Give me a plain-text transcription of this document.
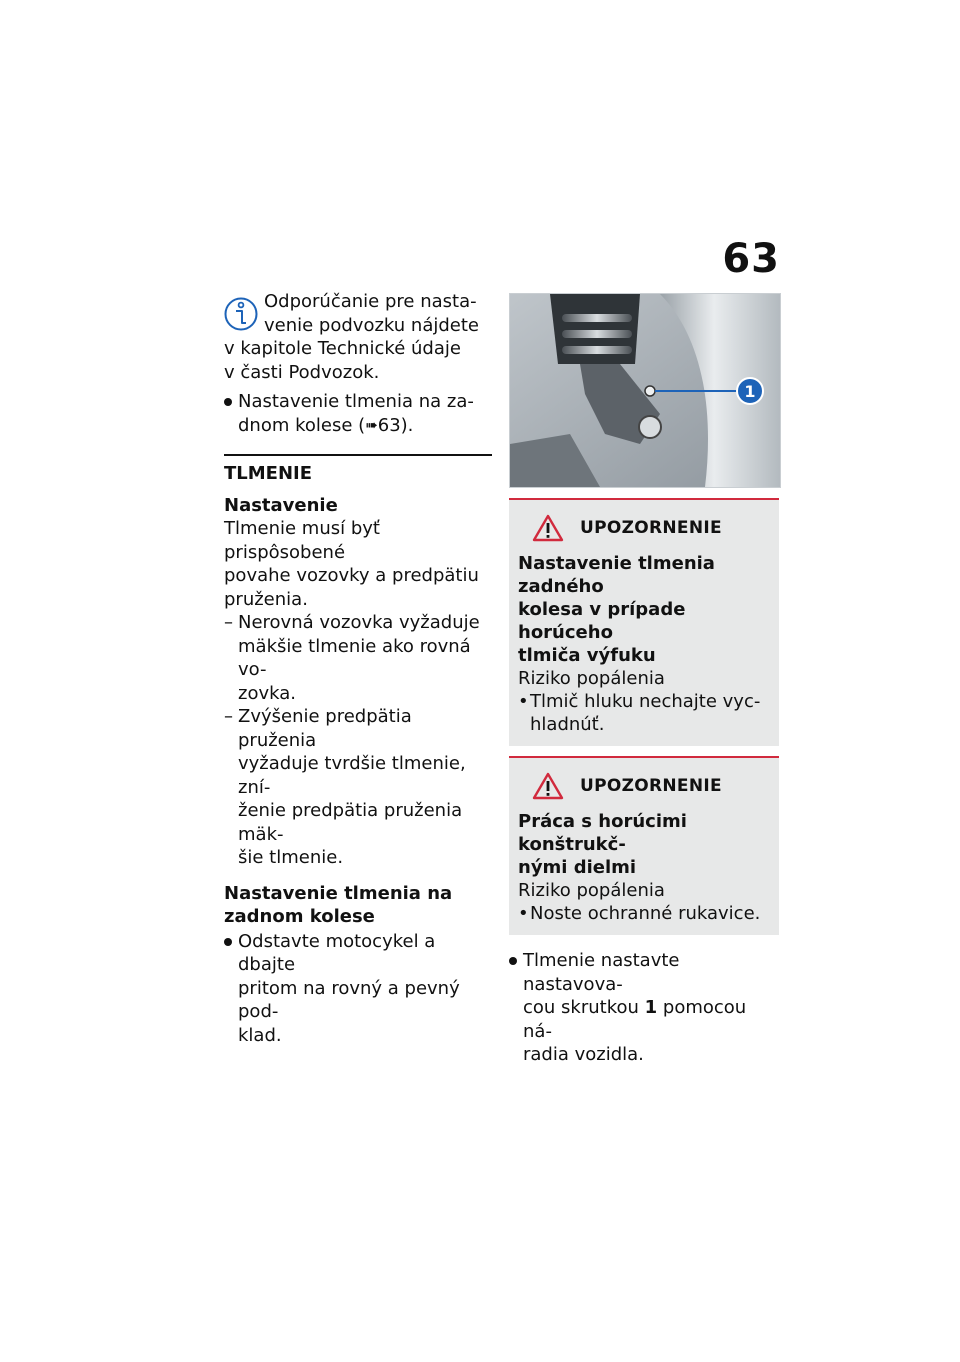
63

Odporúčanie pre nasta-

venie podvozku nájdete

v kapitole Technické údaje

v časti Podvozok.

Nastavenie tlmenia na za-

dnom kolese (➠63).

TLMENIE
Nastavenie

Tlmenie musí byť prispôsobené

povahe vozovky a predpätiu

pruženia.

– Nerovná vozovka vyžaduje

mäkšie tlmenie ako rovná vo-

zovka.

– Zvýšenie predpätia pruženia

vyžaduje tvrdšie tlmenie, zní-

ženie predpätia pruženia mäk-

šie tlmenie.

Nastavenie tlmenia na
zadnom kolese

Odstavte motocykel a dbajte

pritom na rovný a pevný pod-

klad.

1
UPOZORNENIE

Nastavenie tlmenia zadného

kolesa v prípade horúceho

tlmiča výfuku

Riziko popálenia

• Tlmič hluku nechajte vyc-

hladnúť.

UPOZORNENIE

Práca s horúcimi konštrukč-

nými dielmi

Riziko popálenia

• Noste ochranné rukavice.

Tlmenie nastavte nastavova-

cou skrutkou 1 pomocou ná-

radia vozidla.
